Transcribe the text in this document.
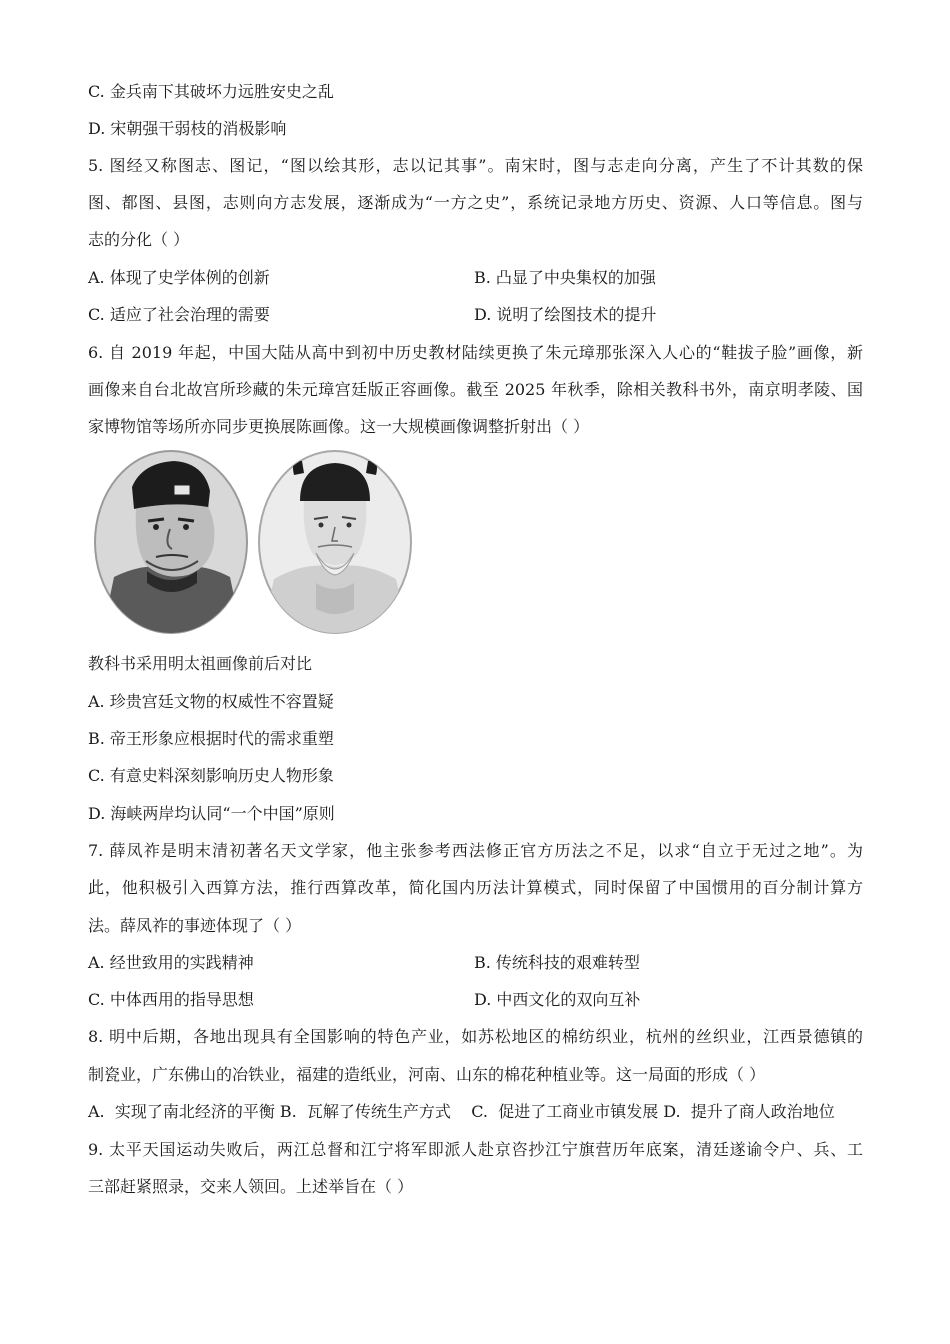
C. 金兵南下其破坏力远胜安史之乱
D. 宋朝强干弱枝的消极影响
5. 图经又称图志、图记，“图以绘其形，志以记其事”。南宋时，图与志走向分离，产生了不计其数的保
图、都图、县图，志则向方志发展，逐渐成为“一方之史”，系统记录地方历史、资源、人口等信息。图与
志的分化（ ）
A. 体现了史学体例的创新	B. 凸显了中央集权的加强
C. 适应了社会治理的需要	D. 说明了绘图技术的提升
6. 自 2019 年起，中国大陆从高中到初中历史教材陆续更换了朱元璋那张深入人心的“鞋拔子脸”画像，新
画像来自台北故宫所珍藏的朱元璋宫廷版正容画像。截至 2025 年秋季，除相关教科书外，南京明孝陵、国
家博物馆等场所亦同步更换展陈画像。这一大规模画像调整折射出（ ）
教科书采用明太祖画像前后对比
A. 珍贵宫廷文物的权威性不容置疑
B. 帝王形象应根据时代的需求重塑
C. 有意史料深刻影响历史人物形象
D. 海峡两岸均认同“一个中国”原则
7. 薛凤祚是明末清初著名天文学家，他主张参考西法修正官方历法之不足，以求“自立于无过之地”。为
此，他积极引入西算方法，推行西算改革，简化国内历法计算模式，同时保留了中国惯用的百分制计算方
法。薛凤祚的事迹体现了（ ）
A. 经世致用的实践精神	B. 传统科技的艰难转型
C. 中体西用的指导思想	D. 中西文化的双向互补
8. 明中后期，各地出现具有全国影响的特色产业，如苏松地区的棉纺织业，杭州的丝织业，江西景德镇的
制瓷业，广东佛山的冶铁业，福建的造纸业，河南、山东的棉花种植业等。这一局面的形成（ ）
A.  实现了南北经济的平衡 B.  瓦解了传统生产方式    C.  促进了工商业市镇发展 D.  提升了商人政治地位
9. 太平天国运动失败后，两江总督和江宁将军即派人赴京咨抄江宁旗营历年底案，清廷遂谕令户、兵、工
三部赶紧照录，交来人领回。上述举旨在（ ）
